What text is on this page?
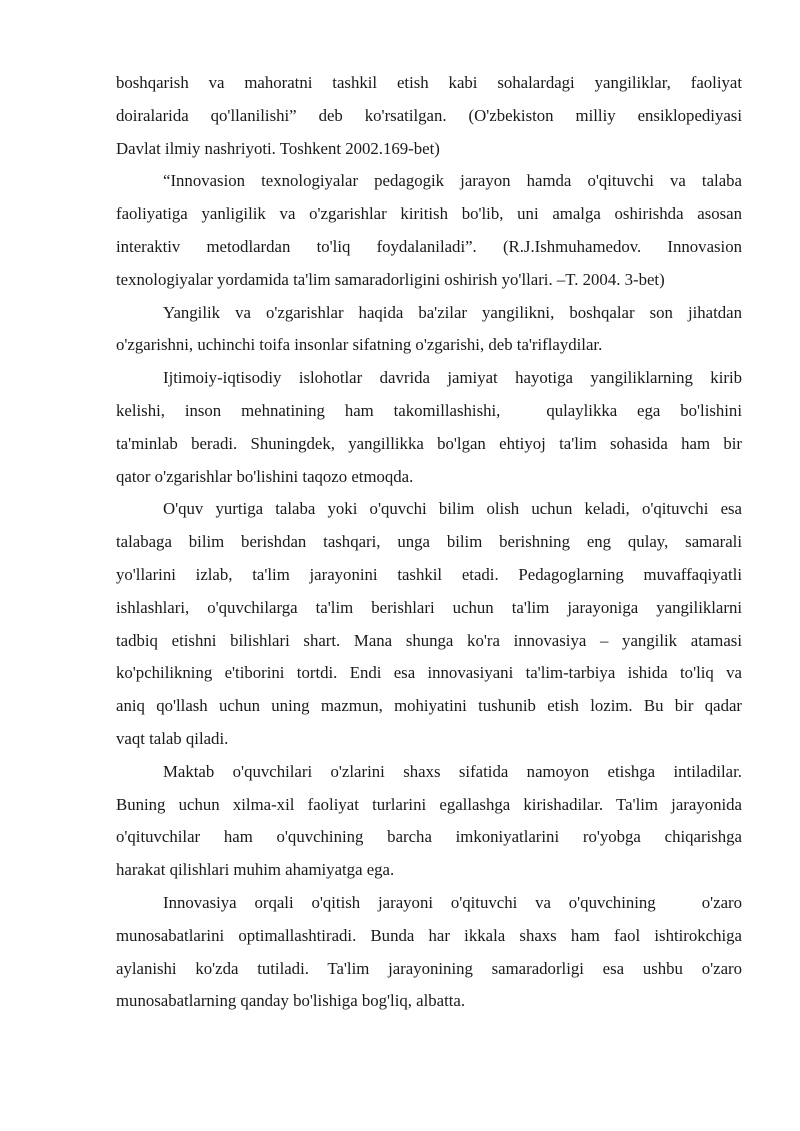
boshqarish va mahoratni tashkil etish kabi sohalardagi yangiliklar, faoliyat
doiralarida qo'llanilishi” deb ko'rsatilgan. (O'zbekiston milliy ensiklopediyasi
Davlat ilmiy nashriyoti. Toshkent 2002.169-bet)
“Innovasion texnologiyalar pedagogik jarayon hamda o'qituvchi va talaba
faoliyatiga yanligilik va o'zgarishlar kiritish bo'lib, uni amalga oshirishda asosan
interaktiv metodlardan to'liq foydalaniladi”. (R.J.Ishmuhamedov. Innovasion
texnologiyalar yordamida ta'lim samaradorligini oshirish yo'llari. –T. 2004. 3-bet)
Yangilik va o'zgarishlar haqida ba'zilar yangilikni, boshqalar son jihatdan
o'zgarishni, uchinchi toifa insonlar sifatning o'zgarishi, deb ta'riflaydilar.
Ijtimoiy-iqtisodiy islohotlar davrida jamiyat hayotiga yangiliklarning kirib
kelishi, inson mehnatining ham takomillashishi,	qulaylikka ega bo'lishini
ta'minlab beradi. Shuningdek, yangillikka bo'lgan ehtiyoj ta'lim sohasida ham bir
qator o'zgarishlar bo'lishini taqozo etmoqda.
O'quv yurtiga talaba yoki o'quvchi bilim olish uchun keladi, o'qituvchi esa
talabaga bilim berishdan tashqari, unga bilim berishning eng qulay, samarali
yo'llarini izlab, ta'lim jarayonini tashkil etadi. Pedagoglarning muvaffaqiyatli
ishlashlari, o'quvchilarga ta'lim berishlari uchun ta'lim jarayoniga yangiliklarni
tadbiq etishni bilishlari shart. Mana shunga ko'ra innovasiya – yangilik atamasi
ko'pchilikning e'tiborini tortdi. Endi esa innovasiyani ta'lim-tarbiya ishida to'liq va
aniq qo'llash uchun uning mazmun, mohiyatini tushunib etish lozim. Bu bir qadar
vaqt talab qiladi.
Maktab o'quvchilari o'zlarini shaxs sifatida namoyon etishga intiladilar.
Buning uchun xilma-xil faoliyat turlarini egallashga kirishadilar. Ta'lim jarayonida
o'qituvchilar ham o'quvchining barcha imkoniyatlarini ro'yobga chiqarishga
harakat qilishlari muhim ahamiyatga ega.
Innovasiya orqali o'qitish jarayoni o'qituvchi va o'quvchining	o'zaro
munosabatlarini optimallashtiradi. Bunda har ikkala shaxs ham faol ishtirokchiga
aylanishi ko'zda tutiladi. Ta'lim jarayonining samaradorligi esa ushbu o'zaro
munosabatlarning qanday bo'lishiga bog'liq, albatta.
